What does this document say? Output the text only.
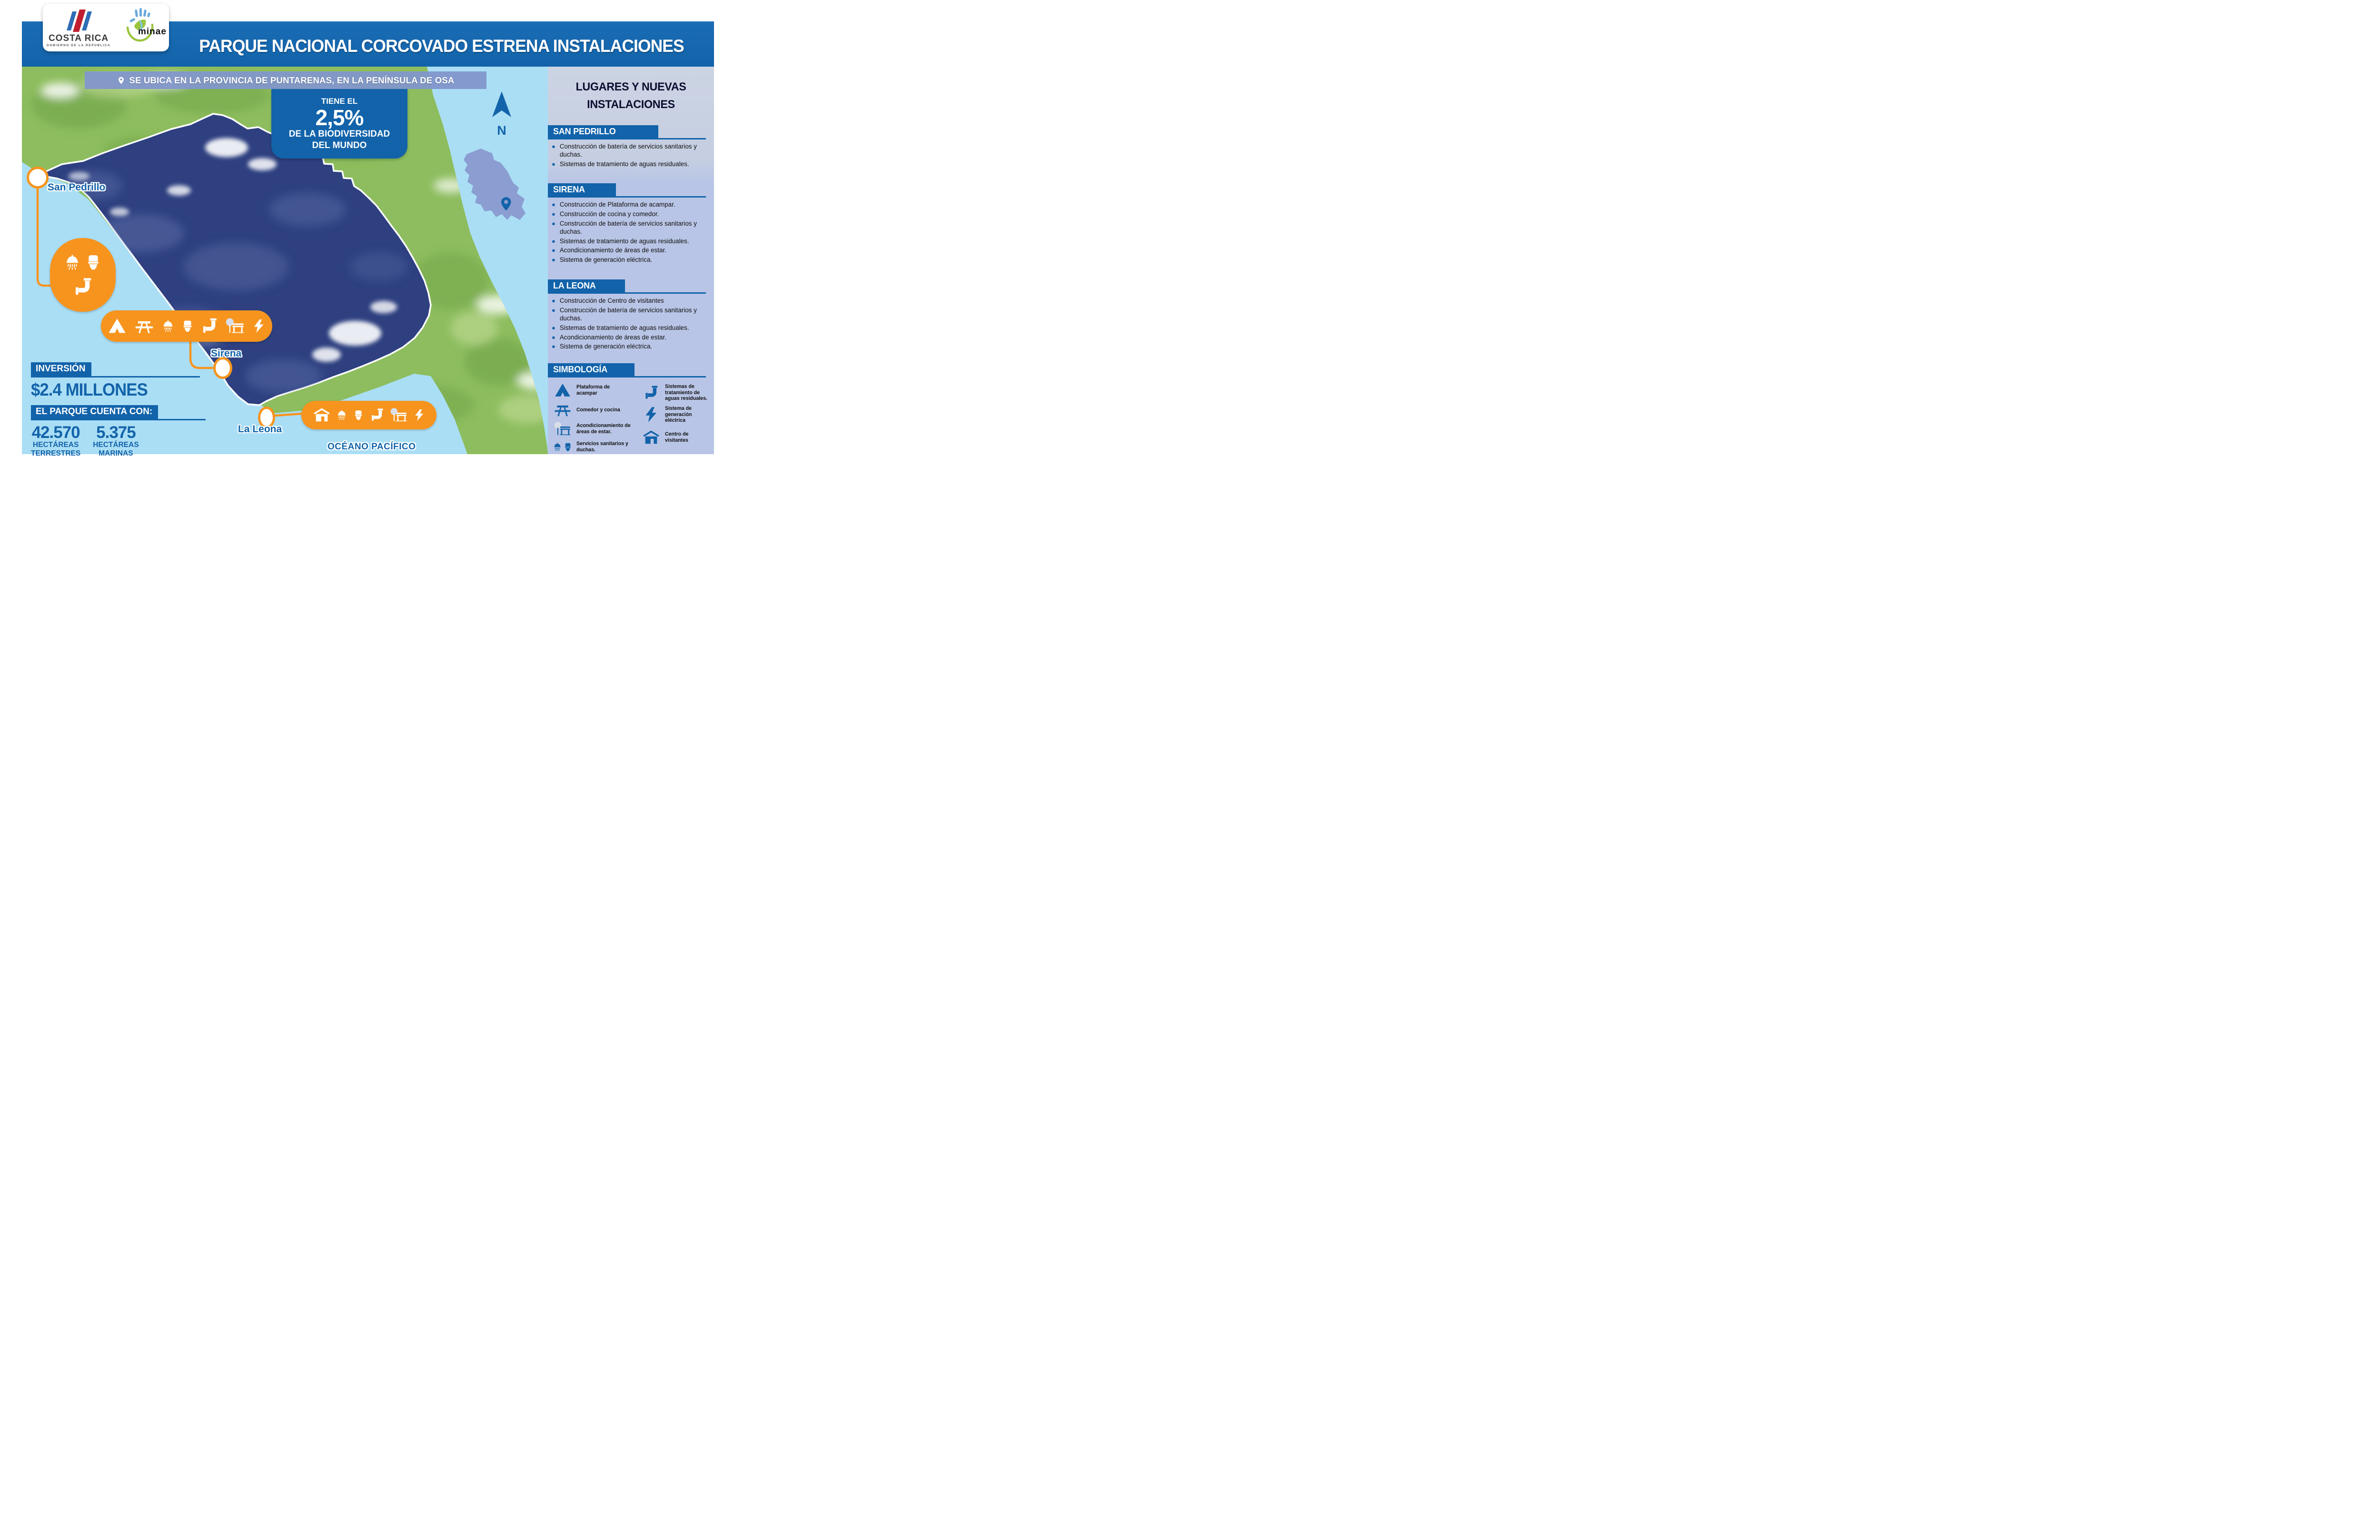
LUGARES Y NUEVAS
INSTALACIONES
SAN PEDRILLO
● Construcción de batería de servicios sanitarios y duchas.
● Sistemas de tratamiento de aguas residuales.
SIRENA
● Construcción de Plataforma de acampar.
● Construcción de cocina y comedor.
● Construcción de batería de servicios sanitarios y duchas.
● Sistemas de tratamiento de aguas residuales.
● Acondicionamiento de áreas de estar.
● Sistema de generación eléctrica.
LA LEONA
● Construcción de Centro de visitantes
● Construcción de batería de servicios sanitarios y duchas.
● Sistemas de tratamiento de aguas residuales.
● Acondicionamiento de áreas de estar.
● Sistema de generación eléctrica.
SIMBOLOGÍA
Plataforma de acampar
Comedor y cocina
Acondicionamiento de áreas de estar.
Servicios sanitarios y duchas.
Sistemas de tratamiento de aguas residuales.
Sistema de generación eléctrica
Centro de visitantes
PARQUE NACIONAL CORCOVADO ESTRENA INSTALACIONES
COSTA RICA
GOBIERNO DE LA REPÚBLICA
minae
SE UBICA EN LA PROVINCIA DE PUNTARENAS, EN LA PENÍNSULA DE OSA
TIENE EL
2,5%
DE LA BIODIVERSIDAD
DEL MUNDO
N
San Pedrillo
Sirena
La Leona
OCÉANO PACÍFICO
INVERSIÓN
$2.4 MILLONES
EL PARQUE CUENTA CON:
42.570
HECTÁREAS
TERRESTRES
5.375
HECTÁREAS
MARINAS
